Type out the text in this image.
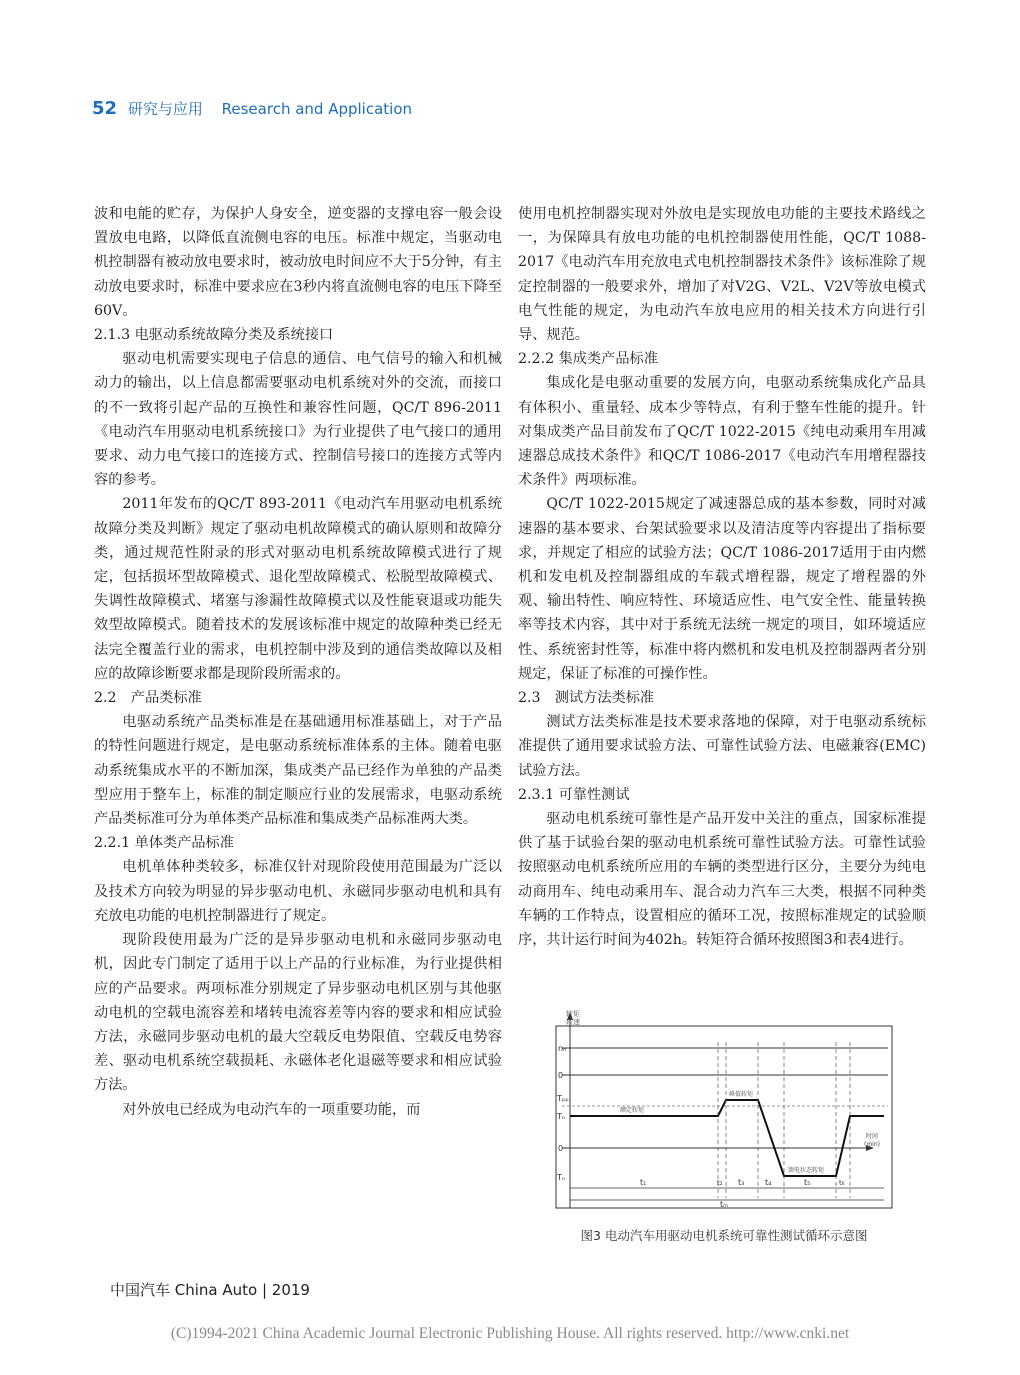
52 研究与应用 Research and Application

波和电能的贮存，为保护人身安全，逆变器的支撑电容一般会设置放电电路，以降低直流侧电容的电压。标准中规定，当驱动电机控制器有被动放电要求时，被动放电时间应不大于5分钟，有主动放电要求时，标准中要求应在3秒内将直流侧电容的电压下降至60V。

2.1.3 电驱动系统故障分类及系统接口

驱动电机需要实现电子信息的通信、电气信号的输入和机械动力的输出，以上信息都需要驱动电机系统对外的交流，而接口的不一致将引起产品的互换性和兼容性问题，QC/T 896-2011《电动汽车用驱动电机系统接口》为行业提供了电气接口的通用要求、动力电气接口的连接方式、控制信号接口的连接方式等内容的参考。

2011年发布的QC/T 893-2011《电动汽车用驱动电机系统故障分类及判断》规定了驱动电机故障模式的确认原则和故障分类，通过规范性附录的形式对驱动电机系统故障模式进行了规定，包括损坏型故障模式、退化型故障模式、松脱型故障模式、失调性故障模式、堵塞与渗漏性故障模式以及性能衰退或功能失效型故障模式。随着技术的发展该标准中规定的故障种类已经无法完全覆盖行业的需求，电机控制中涉及到的通信类故障以及相应的故障诊断要求都是现阶段所需求的。

2.2　产品类标准

电驱动系统产品类标准是在基础通用标准基础上，对于产品的特性问题进行规定，是电驱动系统标准体系的主体。随着电驱动系统集成水平的不断加深，集成类产品已经作为单独的产品类型应用于整车上，标准的制定顺应行业的发展需求，电驱动系统产品类标准可分为单体类产品标准和集成类产品标准两大类。

2.2.1 单体类产品标准

电机单体种类较多，标准仅针对现阶段使用范围最为广泛以及技术方向较为明显的异步驱动电机、永磁同步驱动电机和具有充放电功能的电机控制器进行了规定。

现阶段使用最为广泛的是异步驱动电机和永磁同步驱动电机，因此专门制定了适用于以上产品的行业标准，为行业提供相应的产品要求。两项标准分别规定了异步驱动电机区别与其他驱动电机的空载电流容差和堵转电流容差等内容的要求和相应试验方法，永磁同步驱动电机的最大空载反电势限值、空载反电势容差、驱动电机系统空载损耗、永磁体老化退磁等要求和相应试验方法。

对外放电已经成为电动汽车的一项重要功能，而

使用电机控制器实现对外放电是实现放电功能的主要技术路线之一，为保障具有放电功能的电机控制器使用性能，QC/T 1088-2017《电动汽车用充放电式电机控制器技术条件》该标准除了规定控制器的一般要求外，增加了对V2G、V2L、V2V等放电模式电气性能的规定，为电动汽车放电应用的相关技术方向进行引导、规范。

2.2.2 集成类产品标准

集成化是电驱动重要的发展方向，电驱动系统集成化产品具有体积小、重量轻、成本少等特点，有利于整车性能的提升。针对集成类产品目前发布了QC/T 1022-2015《纯电动乘用车用减速器总成技术条件》和QC/T 1086-2017《电动汽车用增程器技术条件》两项标准。

QC/T 1022-2015规定了减速器总成的基本参数，同时对减速器的基本要求、台架试验要求以及清洁度等内容提出了指标要求，并规定了相应的试验方法；QC/T 1086-2017适用于由内燃机和发电机及控制器组成的车载式增程器，规定了增程器的外观、输出特性、响应特性、环境适应性、电气安全性、能量转换率等技术内容，其中对于系统无法统一规定的项目，如环境适应性、系统密封性等，标准中将内燃机和发电机及控制器两者分别规定，保证了标准的可操作性。

2.3　测试方法类标准

测试方法类标准是技术要求落地的保障，对于电驱动系统标准提供了通用要求试验方法、可靠性试验方法、电磁兼容(EMC)试验方法。

2.3.1 可靠性测试

驱动电机系统可靠性是产品开发中关注的重点，国家标准提供了基于试验台架的驱动电机系统可靠性试验方法。可靠性试验按照驱动电机系统所应用的车辆的类型进行区分，主要分为纯电动商用车、纯电动乘用车、混合动力汽车三大类，根据不同种类车辆的工作特点，设置相应的循环工况，按照标准规定的试验顺序，共计运行时间为402h。转矩符合循环按照图3和表4进行。

转矩
转速
nₙ
0
Tₚₚ
Tₙ
0
Tₙ
额定转矩
峰值转矩
馈电状态转矩
时间
(min)
t₁	t₂ t₃	t₄	t₅	t₆
tₘ
图3 电动汽车用驱动电机系统可靠性测试循环示意图
中国汽车 China Auto | 2019
(C)1994-2021 China Academic Journal Electronic Publishing House. All rights reserved. http://www.cnki.net
